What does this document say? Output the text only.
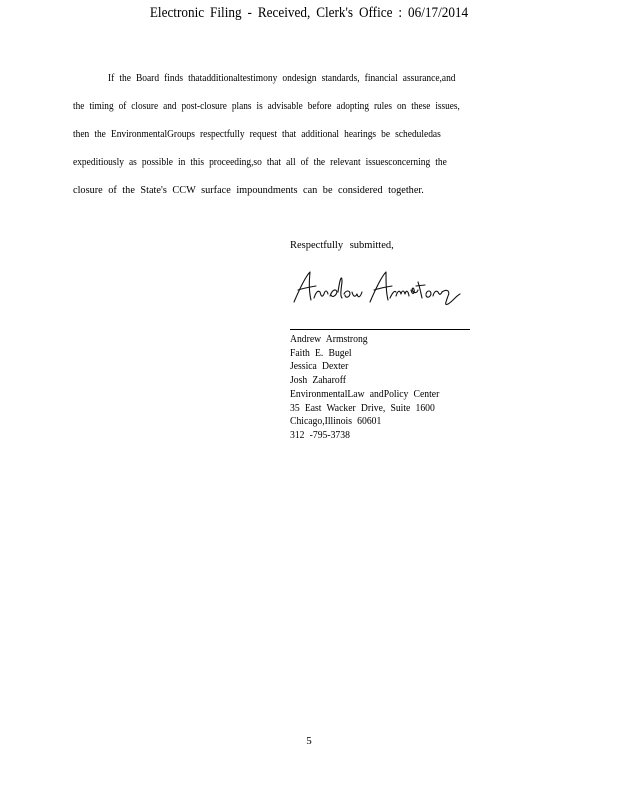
Electronic Filing - Received, Clerk's Office : 06/17/2014
If the Board finds thatadditionaltestimony ondesign standards, financial assurance,and
the timing of closure and post-closure plans is advisable before adopting rules on these issues,
then the EnvironmentalGroups respectfully request that additional hearings be scheduledas
expeditiously as possible in this proceeding,so that all of the relevant issuesconcerning the
closure of the State's CCW surface impoundments can be considered together.
Respectfully submitted,
Andrew Armstrong
Faith E. Bugel
Jessica Dexter
Josh Zaharoff
EnvironmentalLaw andPolicy Center
35 East Wacker Drive, Suite 1600
Chicago,Illinois 60601
312 -795-3738
5
